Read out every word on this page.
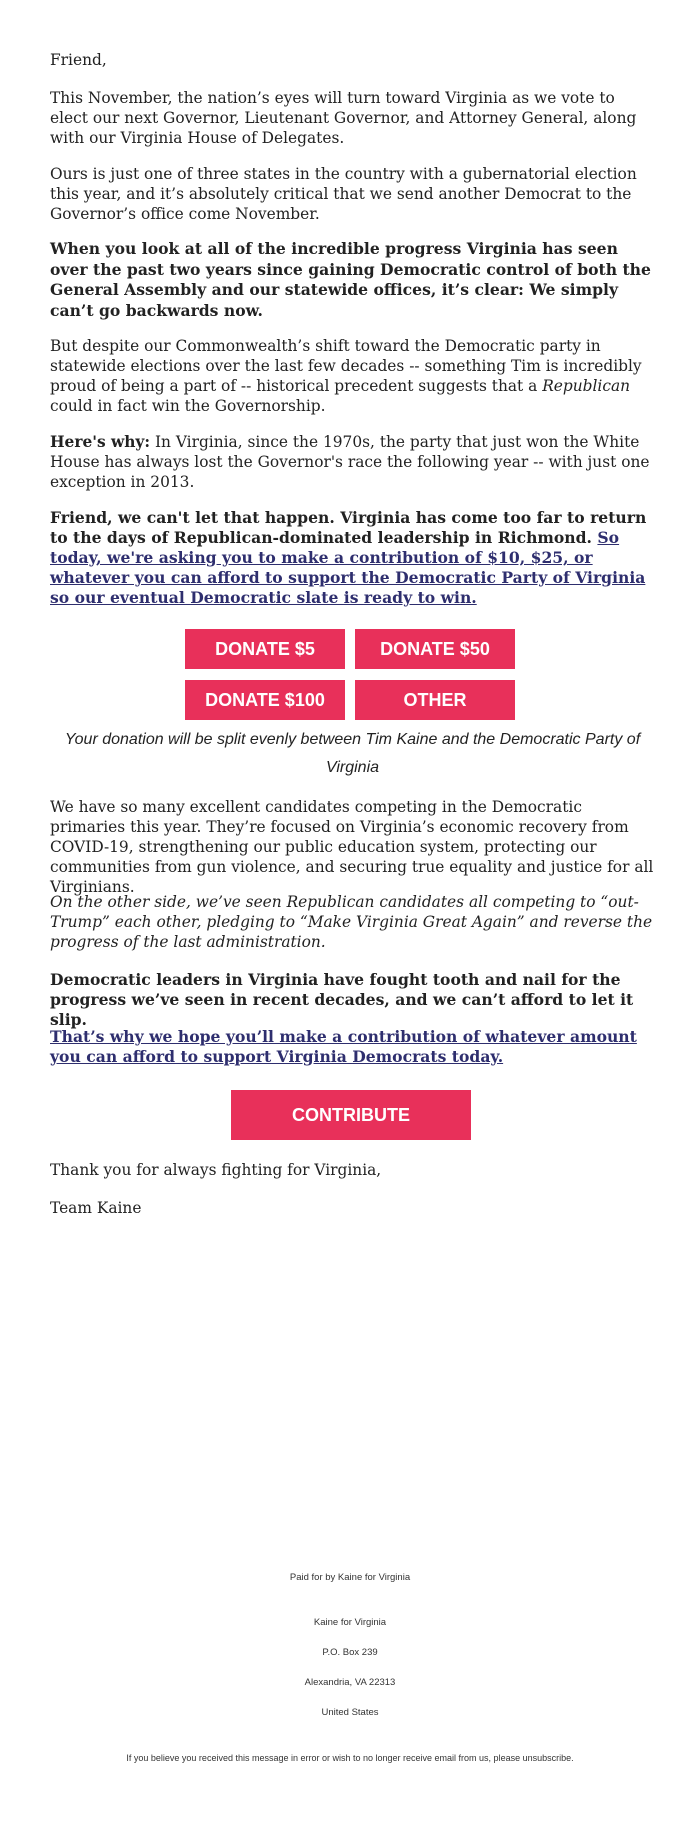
Friend,

This November, the nation’s eyes will turn toward Virginia as we vote to elect our next Governor, Lieutenant Governor, and Attorney General, along with our Virginia House of Delegates.

Ours is just one of three states in the country with a gubernatorial election this year, and it’s absolutely critical that we send another Democrat to the Governor’s office come November.

When you look at all of the incredible progress Virginia has seen over the past two years since gaining Democratic control of both the General Assembly and our statewide offices, it’s clear: We simply can’t go backwards now.

But despite our Commonwealth’s shift toward the Democratic party in statewide elections over the last few decades -- something Tim is incredibly proud of being a part of -- historical precedent suggests that a Republican could in fact win the Governorship.

Here's why: In Virginia, since the 1970s, the party that just won the White House has always lost the Governor's race the following year -- with just one exception in 2013.

Friend, we can't let that happen. Virginia has come too far to return to the days of Republican-dominated leadership in Richmond. So today, we're asking you to make a contribution of $10, $25, or whatever you can afford to support the Democratic Party of Virginia so our eventual Democratic slate is ready to win.

DONATE $5	DONATE $50
DONATE $100	OTHER
Your donation will be split evenly between Tim Kaine and the Democratic Party of Virginia

We have so many excellent candidates competing in the Democratic primaries this year. They’re focused on Virginia’s economic recovery from COVID-19, strengthening our public education system, protecting our communities from gun violence, and securing true equality and justice for all Virginians.

On the other side, we’ve seen Republican candidates all competing to “out-Trump” each other, pledging to “Make Virginia Great Again” and reverse the progress of the last administration.

Democratic leaders in Virginia have fought tooth and nail for the progress we’ve seen in recent decades, and we can’t afford to let it slip.

That’s why we hope you’ll make a contribution of whatever amount you can afford to support Virginia Democrats today.

CONTRIBUTE

Thank you for always fighting for Virginia,

Team Kaine

Paid for by Kaine for Virginia
Kaine for Virginia
P.O. Box 239
Alexandria, VA 22313
United States
If you believe you received this message in error or wish to no longer receive email from us, please unsubscribe.
